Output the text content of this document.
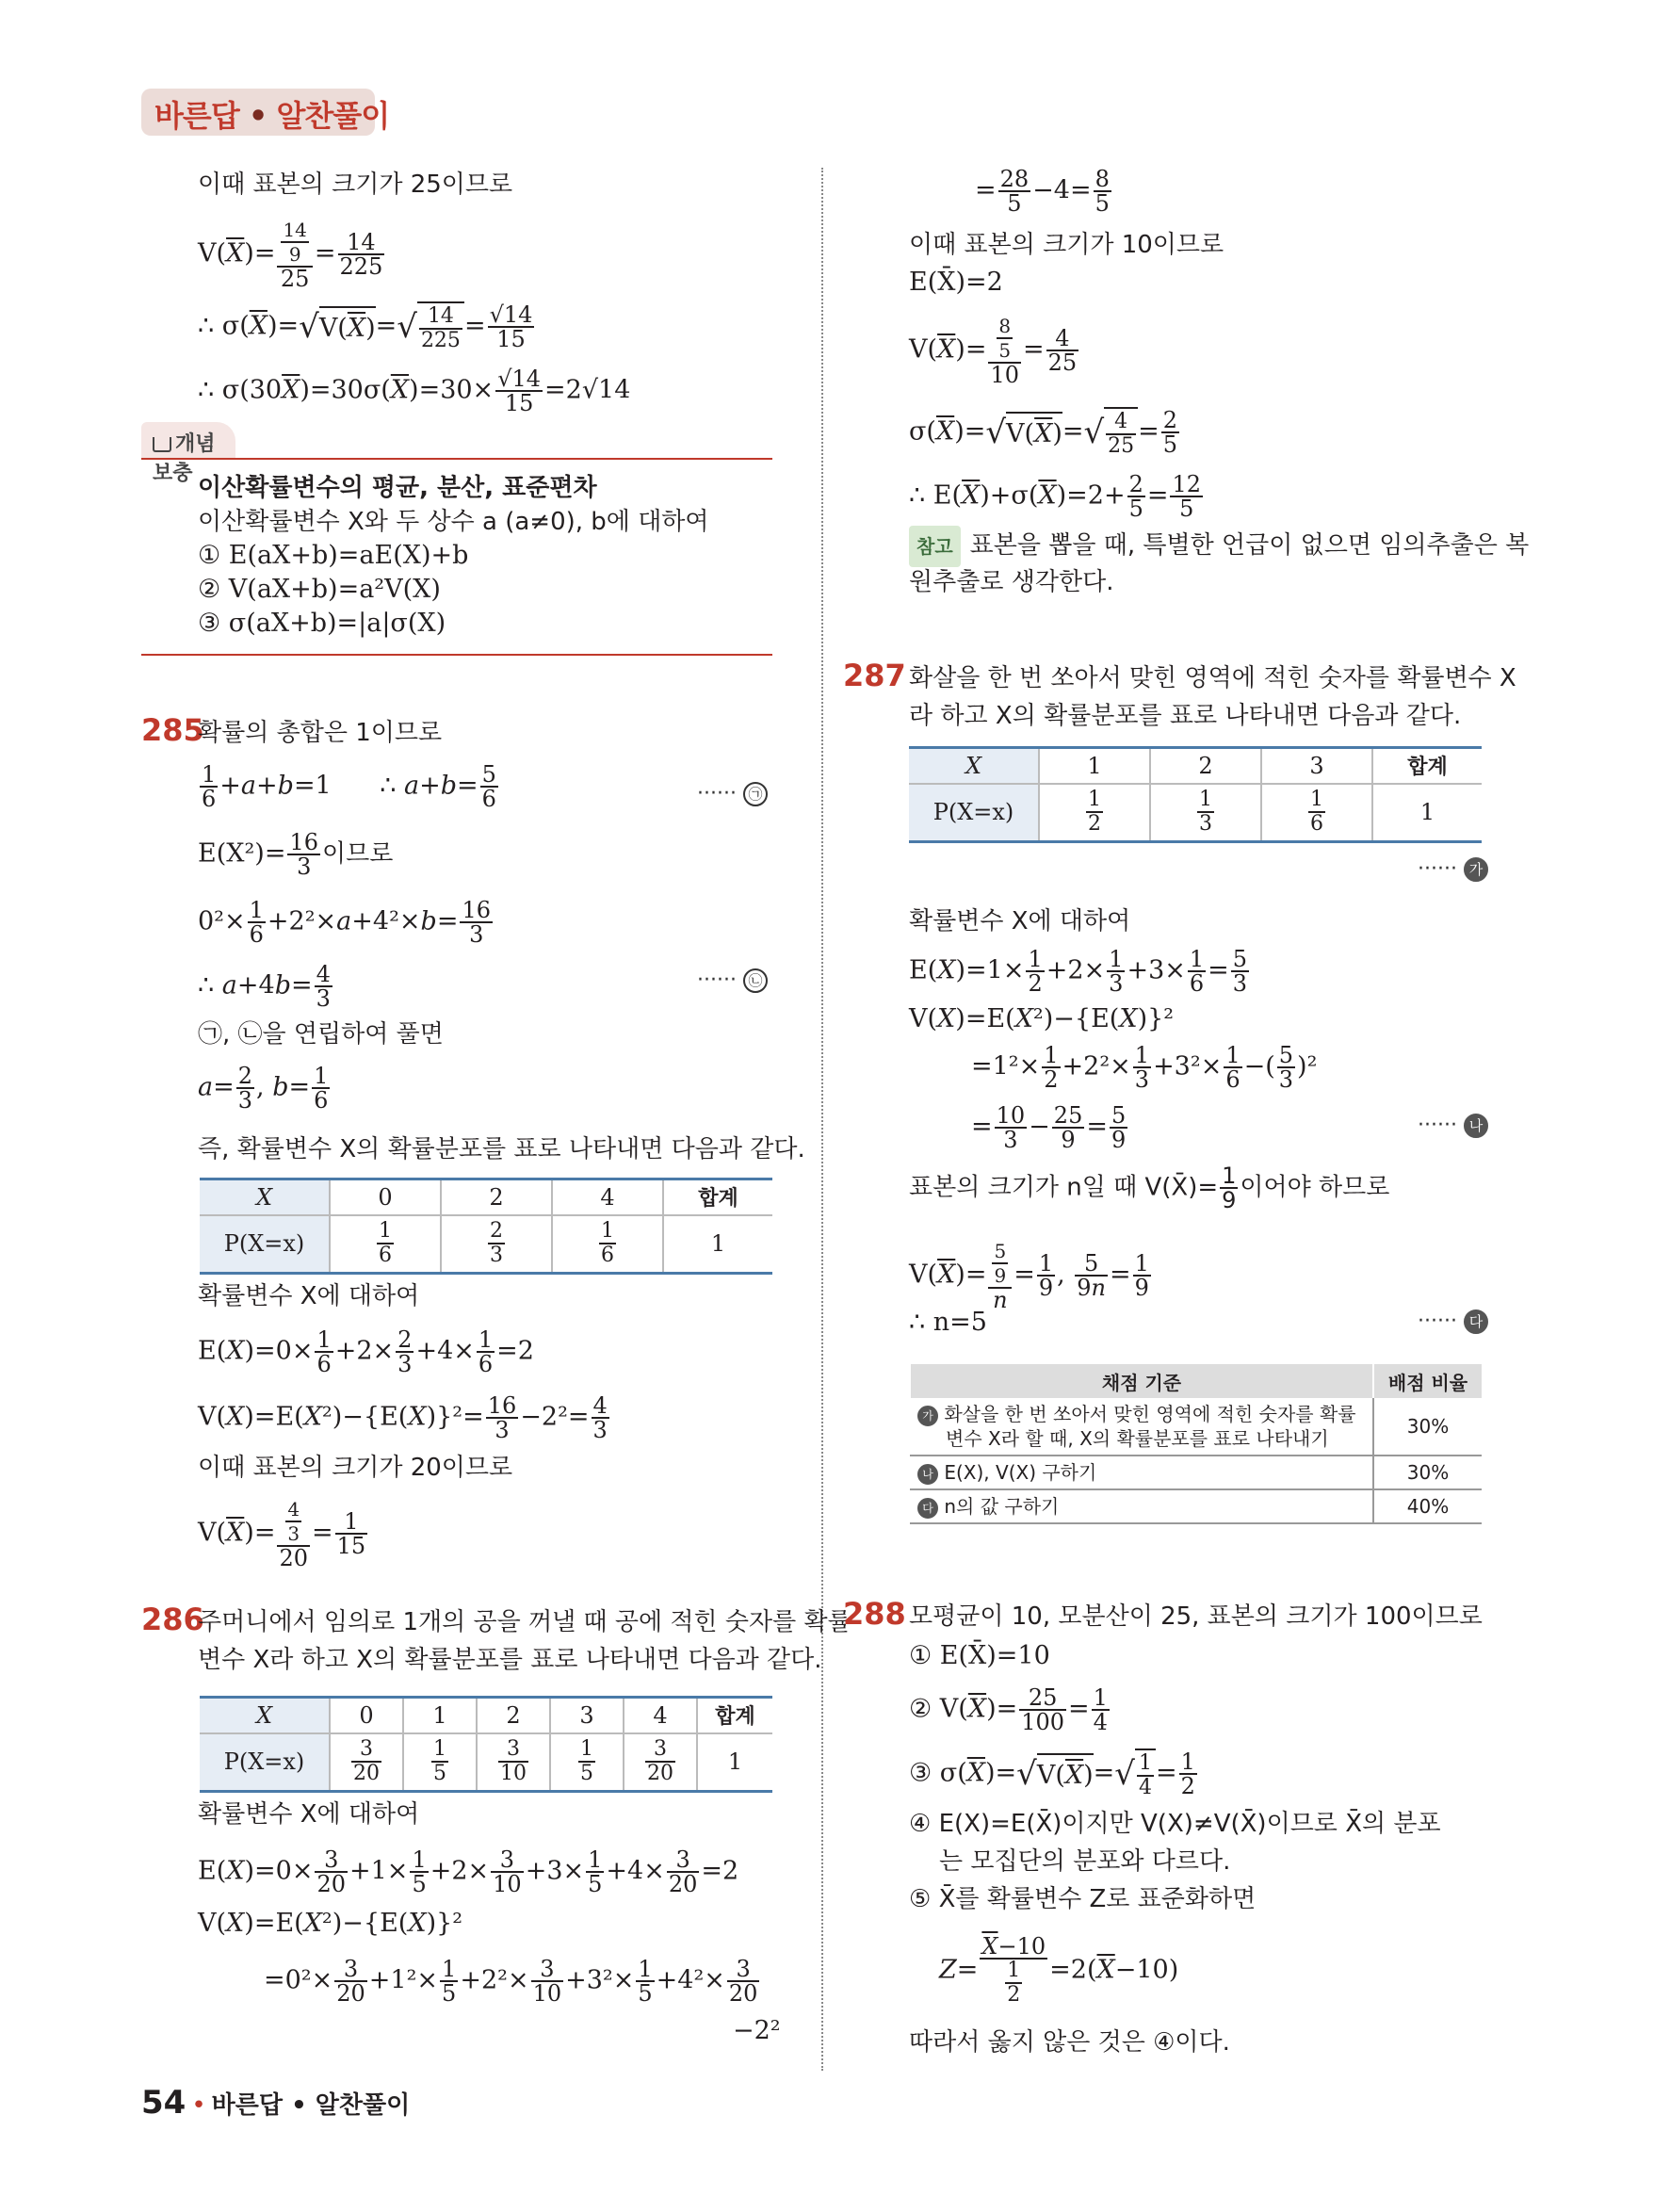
바른답 • 알찬풀이
이때 표본의 크기가 25이므로
$V(\overline{X})= \frac{\frac{14}{9}}{25} = \frac{14}{225}$
∴ $\sigma(\overline{X})=√V(\overline{X})=√ \frac{14}{225} = \frac{√14}{15}$
∴ $\sigma(30\overline{X})=30\sigma(\overline{X})=30\times \frac{√14}{15} =2√14$
개념 보충
이산확률변수의 평균, 분산, 표준편차
이산확률변수 X와 두 상수 a (a≠0), b에 대하여
① E(aX+b)=aE(X)+b
② V(aX+b)=a²V(X)
③ σ(aX+b)=|a|σ(X)
285
확률의 총합은 1이므로
$\frac{1}{6} +a+b=1$      ∴ $a+b= \frac{5}{6}$	······ ㉠
$E(X^2)= \frac{16}{3}$ 이므로
$0^2\times \frac{1}{6} +2^2\times a+4^2\times b= \frac{16}{3}$
∴ $a+4b= \frac{4}{3}$	······ ㉡
㉠, ㉡을 연립하여 풀면
$a= \frac{2}{3}$ , $b= \frac{1}{6}$
즉, 확률변수 X의 확률분포를 표로 나타내면 다음과 같다.
X	0	2	4	합계
P(X=x)	$\frac{1}{6}$	$\frac{2}{3}$	$\frac{1}{6}$	1
확률변수 X에 대하여
$E(X)=0\times \frac{1}{6} +2\times \frac{2}{3} +4\times \frac{1}{6} =2$
$V(X)=E(X^2)-\{E(X)\}^2= \frac{16}{3} -2^2= \frac{4}{3}$
이때 표본의 크기가 20이므로
$V(\overline{X})= \frac{\frac{4}{3}}{20} = \frac{1}{15}$
286
주머니에서 임의로 1개의 공을 꺼낼 때 공에 적힌 숫자를 확률
변수 X라 하고 X의 확률분포를 표로 나타내면 다음과 같다.
X	0	1	2	3	4	합계
P(X=x)	$\frac{3}{20}$	$\frac{1}{5}$	$\frac{3}{10}$	$\frac{1}{5}$	$\frac{3}{20}$	1
확률변수 X에 대하여
$E(X)=0\times \frac{3}{20} +1\times \frac{1}{5} +2\times \frac{3}{10} +3\times \frac{1}{5} +4\times \frac{3}{20} =2$
V(X)=E(X²)−{E(X)}²
$=0^2\times \frac{3}{20} +1^2\times \frac{1}{5} +2^2\times \frac{3}{10} +3^2\times \frac{1}{5} +4^2\times \frac{3}{20}$
−2²
= $\frac{28}{5} -4= \frac{8}{5}$
이때 표본의 크기가 10이므로
E(X̄)=2
$V(\overline{X})= \frac{\frac{8}{5}}{10} = \frac{4}{25}$
$\sigma(\overline{X})=√V(\overline{X})=√ \frac{4}{25} = \frac{2}{5}$
∴ $E(\overline{X})+\sigma(\overline{X})=2+ \frac{2}{5} = \frac{12}{5}$
참고 표본을 뽑을 때, 특별한 언급이 없으면 임의추출은 복
원추출로 생각한다.
287 화살을 한 번 쏘아서 맞힌 영역에 적힌 숫자를 확률변수 X
라 하고 X의 확률분포를 표로 나타내면 다음과 같다.
X	1	2	3	합계
P(X=x)	$\frac{1}{2}$	$\frac{1}{3}$	$\frac{1}{6}$	1
······ 가
확률변수 X에 대하여
$E(X)=1\times \frac{1}{2} +2\times \frac{1}{3} +3\times \frac{1}{6} = \frac{5}{3}$
V(X)=E(X²)−{E(X)}²
$=1^2\times \frac{1}{2} +2^2\times \frac{1}{3} +3^2\times \frac{1}{6}$ −( $\frac{5}{3} )^2$
= $\frac{10}{3} - \frac{25}{9} = \frac{5}{9}$	······ 나
표본의 크기가 n일 때 V(X̄)= $\frac{1}{9}$ 이어야 하므로
$V(\overline{X})= \frac{\frac{5}{9}}{n} = \frac{1}{9}$ , $\frac{5}{9n} = \frac{1}{9}$
∴ n=5	······ 다
채점 기준	배점 비율
가 화살을 한 번 쏘아서 맞힌 영역에 적힌 숫자를 확률
변수 X라 할 때, X의 확률분포를 표로 나타내기	30%
나 E(X), V(X) 구하기	30%
다 n의 값 구하기	40%
288 모평균이 10, 모분산이 25, 표본의 크기가 100이므로
① E(X̄)=10
② $V(\overline{X})= \frac{25}{100} = \frac{1}{4}$
③ $\sigma(\overline{X})=√V(\overline{X})=√ \frac{1}{4} = \frac{1}{2}$
④ E(X)=E(X̄)이지만 V(X)≠V(X̄)이므로 X̄의 분포
는 모집단의 분포와 다르다.
⑤ X̄를 확률변수 Z로 표준화하면
$Z= \frac{\overline{X}-10}{\frac{1}{2}} =2(\overline{X}-10)$
따라서 옳지 않은 것은 ④이다.
54 • 바른답 • 알찬풀이
